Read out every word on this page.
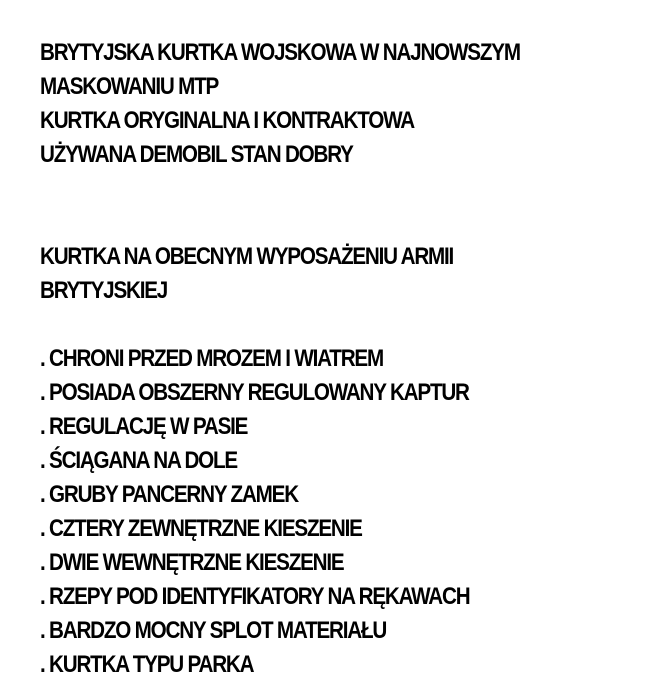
BRYTYJSKA KURTKA WOJSKOWA W NAJNOWSZYM
MASKOWANIU MTP
KURTKA ORYGINALNA I KONTRAKTOWA
UŻYWANA DEMOBIL STAN DOBRY
KURTKA NA OBECNYM WYPOSAŻENIU ARMII
BRYTYJSKIEJ
. CHRONI PRZED MROZEM I WIATREM
. POSIADA OBSZERNY REGULOWANY KAPTUR
. REGULACJĘ W PASIE
. ŚCIĄGANA NA DOLE
. GRUBY PANCERNY ZAMEK
. CZTERY ZEWNĘTRZNE KIESZENIE
. DWIE WEWNĘTRZNE KIESZENIE
. RZEPY POD IDENTYFIKATORY NA RĘKAWACH
. BARDZO MOCNY SPLOT MATERIAŁU
. KURTKA TYPU PARKA
